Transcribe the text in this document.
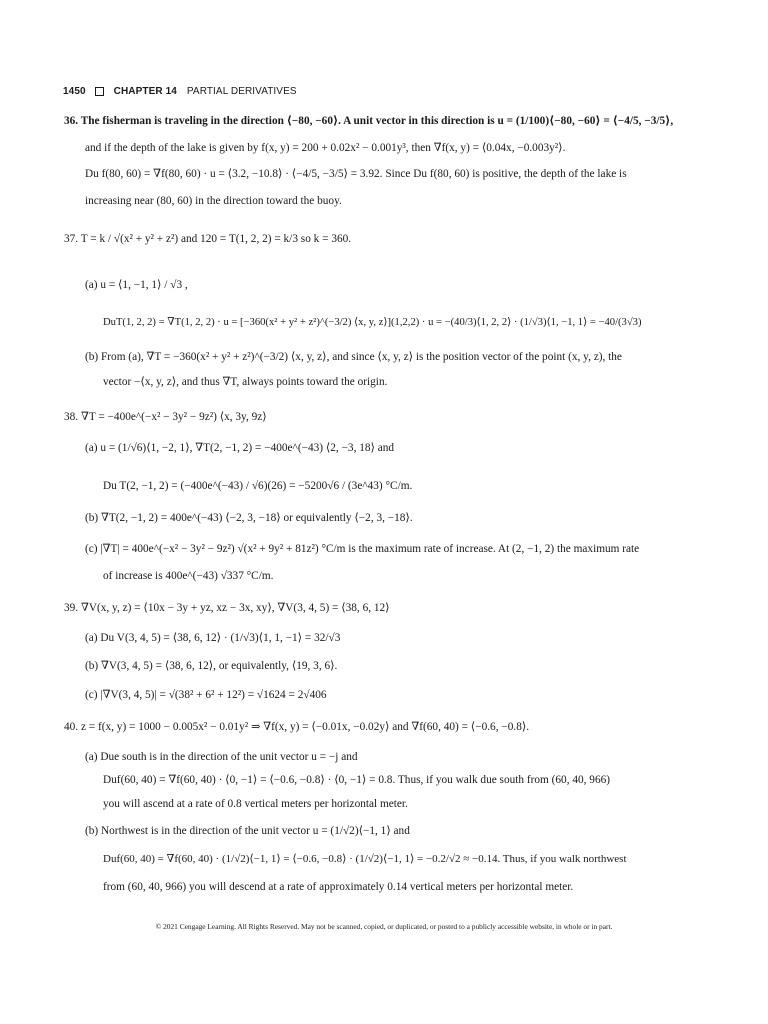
1450	CHAPTER 14 PARTIAL DERIVATIVES
36. The fisherman is traveling in the direction ⟨−80, −60⟩. A unit vector in this direction is u = (1/100)⟨−80, −60⟩ = ⟨−4/5, −3/5⟩,
and if the depth of the lake is given by f(x, y) = 200 + 0.02x² − 0.001y³, then ∇f(x, y) = ⟨0.04x, −0.003y²⟩.
Du f(80, 60) = ∇f(80, 60) · u = ⟨3.2, −10.8⟩ · ⟨−4/5, −3/5⟩ = 3.92. Since Du f(80, 60) is positive, the depth of the lake is
increasing near (80, 60) in the direction toward the buoy.
37. T = k / √(x² + y² + z²) and 120 = T(1, 2, 2) = k/3 so k = 360.
(a) u = ⟨1, −1, 1⟩ / √3 ,
DuT(1, 2, 2) = ∇T(1, 2, 2) · u = [−360(x² + y² + z²)^(−3/2) ⟨x, y, z⟩](1,2,2) · u = −(40/3)⟨1, 2, 2⟩ · (1/√3)⟨1, −1, 1⟩ = −40/(3√3)
(b) From (a), ∇T = −360(x² + y² + z²)^(−3/2) ⟨x, y, z⟩, and since ⟨x, y, z⟩ is the position vector of the point (x, y, z), the
vector −⟨x, y, z⟩, and thus ∇T, always points toward the origin.
38. ∇T = −400e^(−x² − 3y² − 9z²) ⟨x, 3y, 9z⟩
(a) u = (1/√6)⟨1, −2, 1⟩, ∇T(2, −1, 2) = −400e^(−43) ⟨2, −3, 18⟩ and
Du T(2, −1, 2) = (−400e^(−43) / √6)(26) = −5200√6 / (3e^43) °C/m.
(b) ∇T(2, −1, 2) = 400e^(−43) ⟨−2, 3, −18⟩ or equivalently ⟨−2, 3, −18⟩.
(c) |∇T| = 400e^(−x² − 3y² − 9z²) √(x² + 9y² + 81z²) °C/m is the maximum rate of increase. At (2, −1, 2) the maximum rate
of increase is 400e^(−43) √337 °C/m.
39. ∇V(x, y, z) = ⟨10x − 3y + yz, xz − 3x, xy⟩, ∇V(3, 4, 5) = ⟨38, 6, 12⟩
(a) Du V(3, 4, 5) = ⟨38, 6, 12⟩ · (1/√3)⟨1, 1, −1⟩ = 32/√3
(b) ∇V(3, 4, 5) = ⟨38, 6, 12⟩, or equivalently, ⟨19, 3, 6⟩.
(c) |∇V(3, 4, 5)| = √(38² + 6² + 12²) = √1624 = 2√406
40. z = f(x, y) = 1000 − 0.005x² − 0.01y² ⇒ ∇f(x, y) = ⟨−0.01x, −0.02y⟩ and ∇f(60, 40) = ⟨−0.6, −0.8⟩.
(a) Due south is in the direction of the unit vector u = −j and
Duf(60, 40) = ∇f(60, 40) · ⟨0, −1⟩ = ⟨−0.6, −0.8⟩ · ⟨0, −1⟩ = 0.8. Thus, if you walk due south from (60, 40, 966)
you will ascend at a rate of 0.8 vertical meters per horizontal meter.
(b) Northwest is in the direction of the unit vector u = (1/√2)⟨−1, 1⟩ and
Duf(60, 40) = ∇f(60, 40) · (1/√2)⟨−1, 1⟩ = ⟨−0.6, −0.8⟩ · (1/√2)⟨−1, 1⟩ = −0.2/√2 ≈ −0.14. Thus, if you walk northwest
from (60, 40, 966) you will descend at a rate of approximately 0.14 vertical meters per horizontal meter.
© 2021 Cengage Learning. All Rights Reserved. May not be scanned, copied, or duplicated, or posted to a publicly accessible website, in whole or in part.
